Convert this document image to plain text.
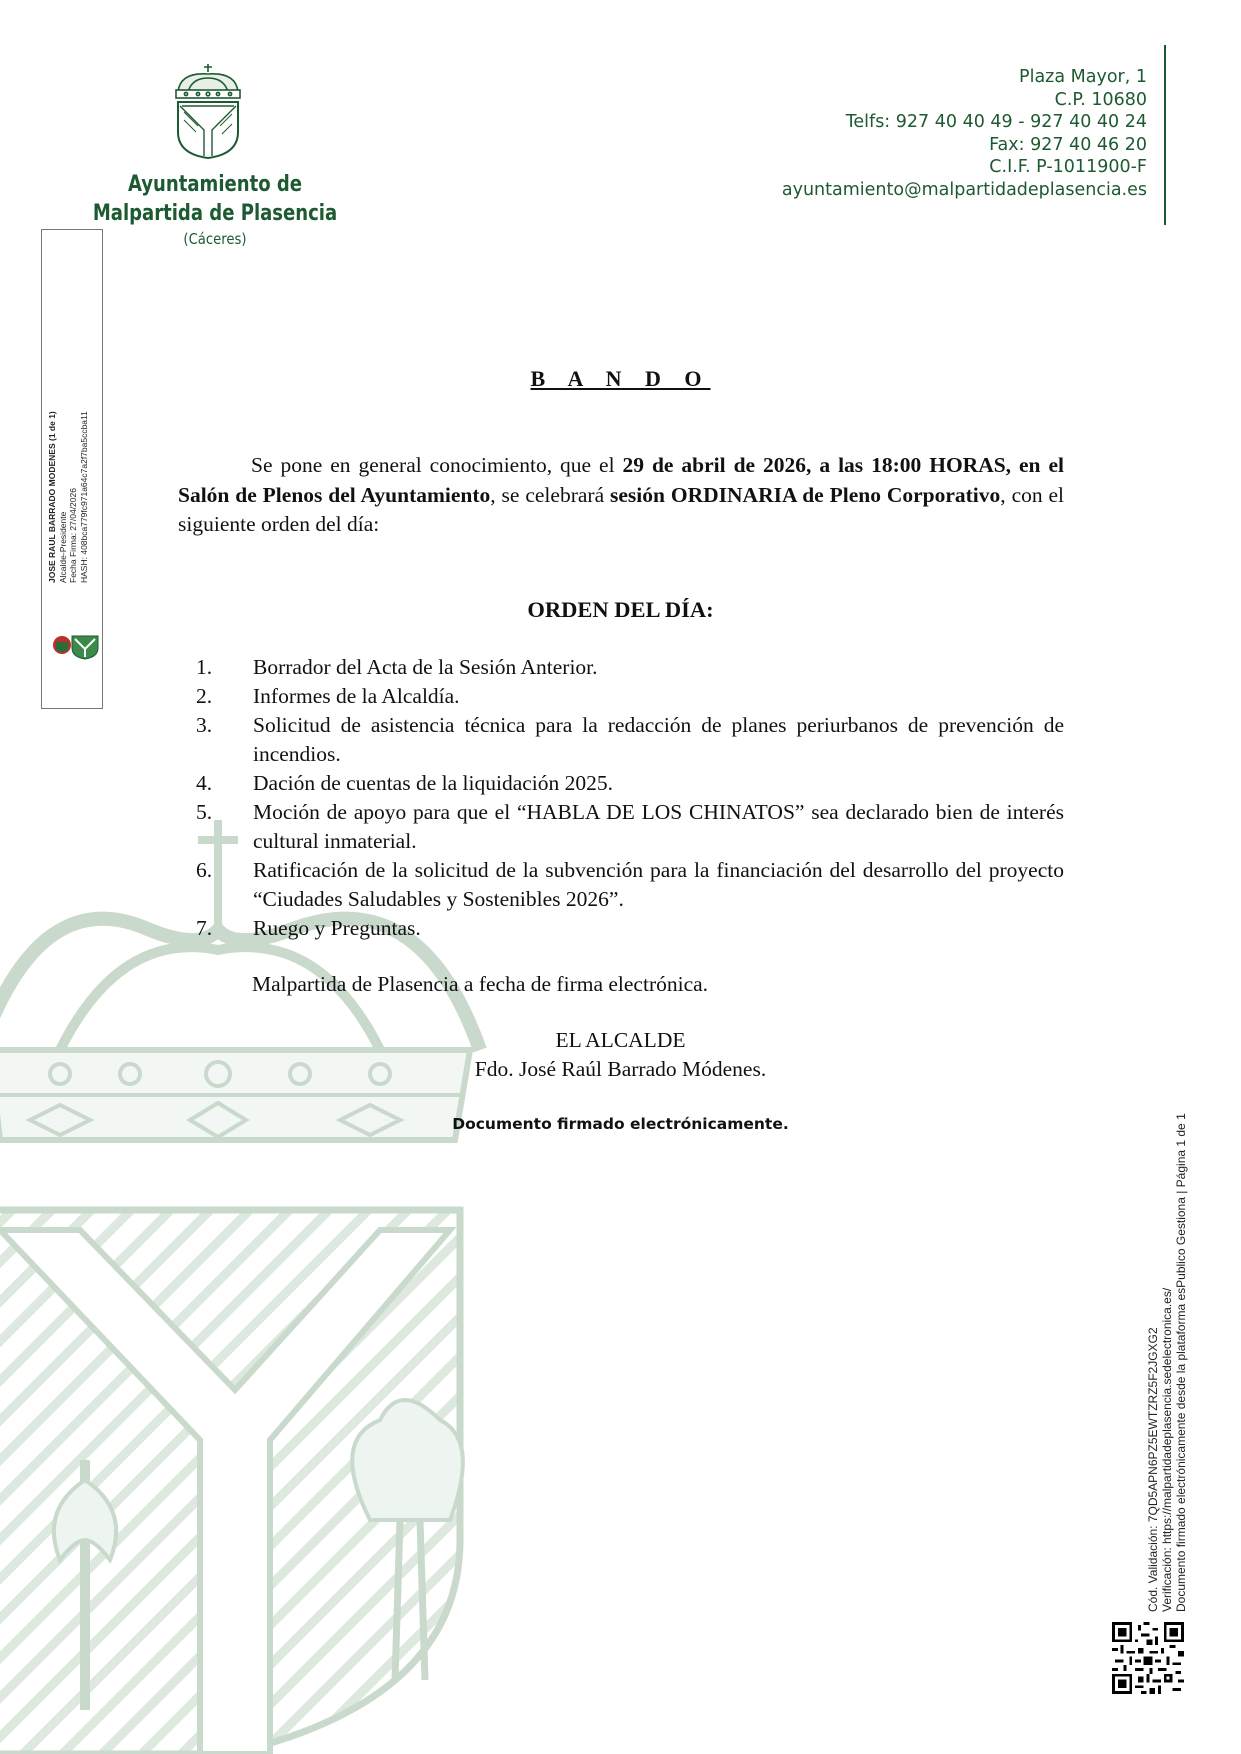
Ayuntamiento de
Malpartida de Plasencia
(Cáceres)
Plaza Mayor, 1
C.P. 10680
Telfs: 927 40 40 49 - 927 40 40 24
Fax: 927 40 46 20
C.I.F. P-1011900-F
ayuntamiento@malpartidadeplasencia.es
JOSE RAUL BARRADO MODENES (1 de 1) Alcalde-Presidente Fecha Firma: 27/04/2026 HASH: 408bca779fc971a64c7a2f7ba5ccba11
B A N D O

Se pone en general conocimiento, que el 29 de abril de 2026, a las 18:00 HORAS, en el Salón de Plenos del Ayuntamiento, se celebrará sesión ORDINARIA de Pleno Corporativo, con el siguiente orden del día:

ORDEN DEL DÍA:
1. Borrador del Acta de la Sesión Anterior.
2. Informes de la Alcaldía.
3. Solicitud de asistencia técnica para la redacción de planes periurbanos de prevención de incendios.
4. Dación de cuentas de la liquidación 2025.
5. Moción de apoyo para que el “HABLA DE LOS CHINATOS” sea declarado bien de interés cultural inmaterial.
6. Ratificación de la solicitud de la subvención para la financiación del desarrollo del proyecto “Ciudades Saludables y Sostenibles 2026”.
7. Ruego y Preguntas.
Malpartida de Plasencia a fecha de firma electrónica.
EL ALCALDE
Fdo. José Raúl Barrado Módenes.
Documento firmado electrónicamente.
Cód. Validación: 7QD5APN6PZ5EWTZRZ5F2JGXG2 Verificación: https://malpartidadeplasencia.sedelectronica.es/ Documento firmado electrónicamente desde la plataforma esPublico Gestiona | Página 1 de 1
